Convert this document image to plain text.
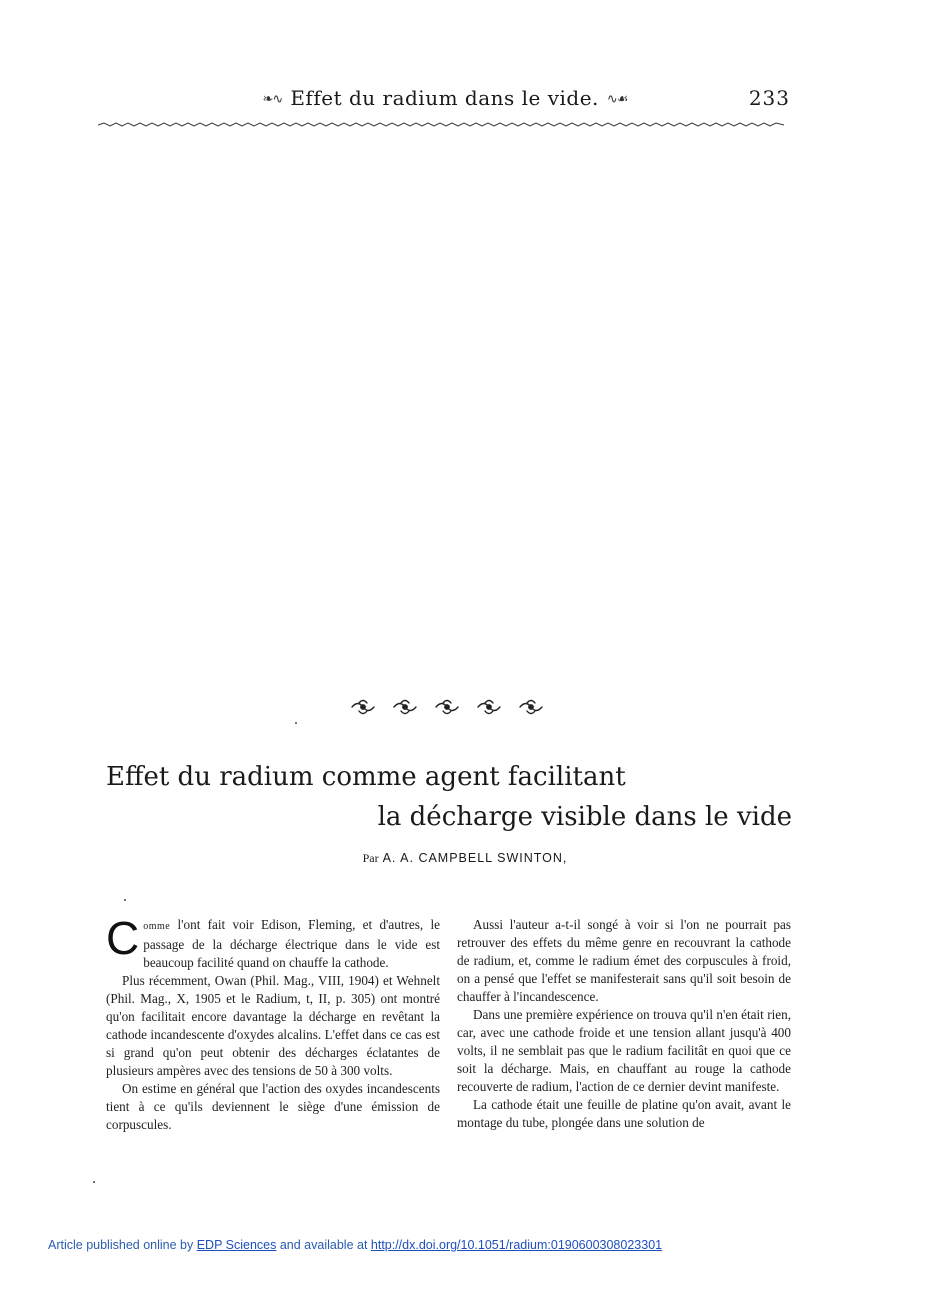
❧∿ Effet du radium dans le vide. ∿☙	233
Effet du radium comme agent facilitant
la décharge visible dans le vide
Par A. A. CAMPBELL SWINTON,

Comme l'ont fait voir Edison, Fleming, et d'autres, le passage de la décharge électrique dans le vide est beaucoup facilité quand on chauffe la cathode.

Plus récemment, Owan (Phil. Mag., VIII, 1904) et Wehnelt (Phil. Mag., X, 1905 et le Radium, t, II, p. 305) ont montré qu'on facilitait encore davantage la décharge en revêtant la cathode incandescente d'oxydes alcalins. L'effet dans ce cas est si grand qu'on peut obtenir des décharges éclatantes de plusieurs ampères avec des tensions de 50 à 300 volts.

On estime en général que l'action des oxydes incandescents tient à ce qu'ils deviennent le siège d'une émission de corpuscules.

Aussi l'auteur a-t-il songé à voir si l'on ne pourrait pas retrouver des effets du même genre en recouvrant la cathode de radium, et, comme le radium émet des corpuscules à froid, on a pensé que l'effet se manifesterait sans qu'il soit besoin de chauffer à l'incandescence.

Dans une première expérience on trouva qu'il n'en était rien, car, avec une cathode froide et une tension allant jusqu'à 400 volts, il ne semblait pas que le radium facilitât en quoi que ce soit la décharge. Mais, en chauffant au rouge la cathode recouverte de radium, l'action de ce dernier devint manifeste.

La cathode était une feuille de platine qu'on avait, avant le montage du tube, plongée dans une solution de

Article published online by EDP Sciences and available at http://dx.doi.org/10.1051/radium:0190600308023301
